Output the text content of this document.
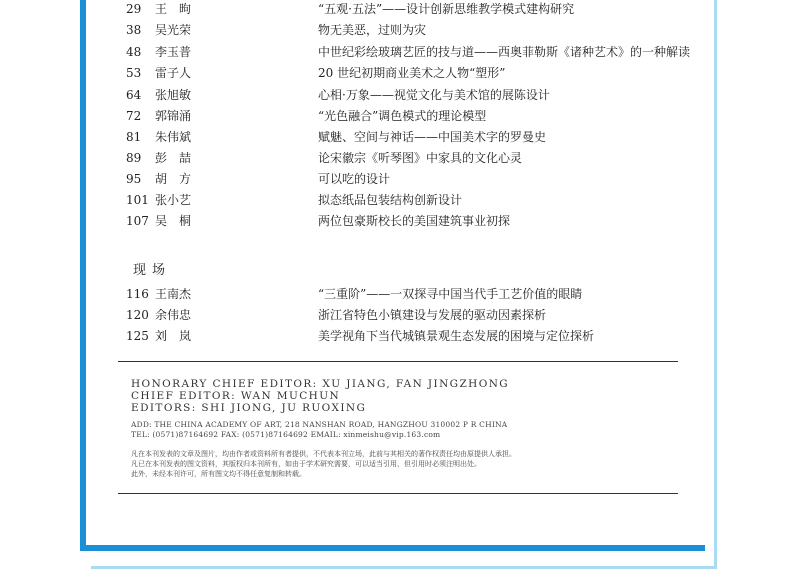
29	王　昫	“五观·五法”——设计创新思维教学模式建构研究
38	吴光荣	物无美恶，过则为灾
48	李玉普	中世纪彩绘玻璃艺匠的技与道——西奥菲勒斯《诸种艺术》的一种解读
53	雷子人	20 世纪初期商业美术之人物“塑形”
64	张旭敏	心相·万象——视觉文化与美术馆的展陈设计
72	郭锦涌	“光色融合”调色模式的理论模型
81	朱伟斌	赋魅、空间与神话——中国美术字的罗曼史
89	彭　喆	论宋徽宗《听琴图》中家具的文化心灵
95	胡　方	可以吃的设计
101 张小艺	拟态纸品包装结构创新设计
107 吴　桐	两位包豪斯校长的美国建筑事业初探
现场
116 王南杰	“三重阶”——一双探寻中国当代手工艺价值的眼睛
120 余伟忠	浙江省特色小镇建设与发展的驱动因素探析
125 刘　岚	美学视角下当代城镇景观生态发展的困境与定位探析
HONORARY CHIEF EDITOR: XU JIANG, FAN JINGZHONG
CHIEF EDITOR: WAN MUCHUN
EDITORS: SHI JIONG, JU RUOXING
ADD: THE CHINA ACADEMY OF ART, 218 NANSHAN ROAD, HANGZHOU 310002 P R CHINA
TEL: (0571)87164692 FAX: (0571)87164692 EMAIL: xinmeishu@vip.163.com
凡在本刊发表的文章及图片，均由作者或资料所有者提供，不代表本刊立场，此前与其相关的著作权责任均由原提供人承担。
凡已在本刊发表的图文资料，其版权归本刊所有，如由于学术研究需要，可以适当引用，但引用时必须注明出处。
此外，未经本刊许可，所有图文均不得任意复制和转载。
